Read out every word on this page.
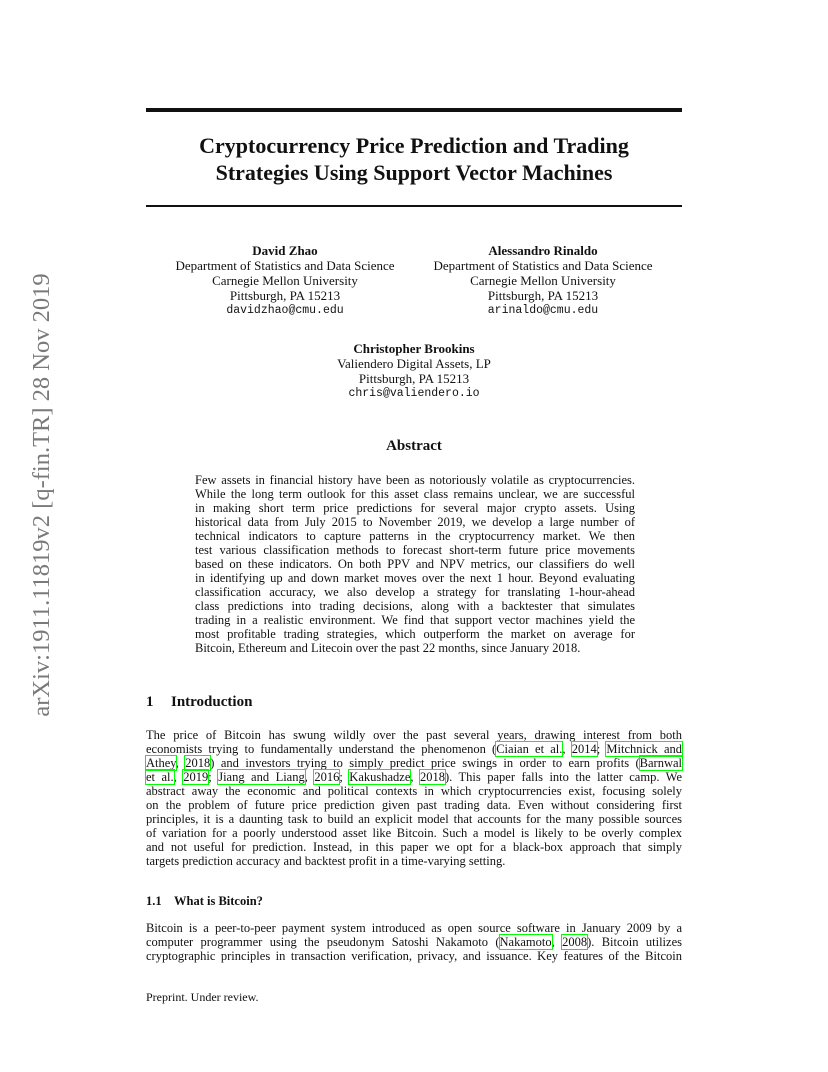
arXiv:1911.11819v2 [q-fin.TR] 28 Nov 2019
Cryptocurrency Price Prediction and Trading
Strategies Using Support Vector Machines
David Zhao
Department of Statistics and Data Science
Carnegie Mellon University
Pittsburgh, PA 15213
davidzhao@cmu.edu
Alessandro Rinaldo
Department of Statistics and Data Science
Carnegie Mellon University
Pittsburgh, PA 15213
arinaldo@cmu.edu
Christopher Brookins
Valiendero Digital Assets, LP
Pittsburgh, PA 15213
chris@valiendero.io
Abstract
Few assets in financial history have been as notoriously volatile as cryptocurrencies.
While the long term outlook for this asset class remains unclear, we are successful
in making short term price predictions for several major crypto assets. Using
historical data from July 2015 to November 2019, we develop a large number of
technical indicators to capture patterns in the cryptocurrency market. We then
test various classification methods to forecast short-term future price movements
based on these indicators. On both PPV and NPV metrics, our classifiers do well
in identifying up and down market moves over the next 1 hour. Beyond evaluating
classification accuracy, we also develop a strategy for translating 1-hour-ahead
class predictions into trading decisions, along with a backtester that simulates
trading in a realistic environment. We find that support vector machines yield the
most profitable trading strategies, which outperform the market on average for
Bitcoin, Ethereum and Litecoin over the past 22 months, since January 2018.
1 Introduction
The price of Bitcoin has swung wildly over the past several years, drawing interest from both
economists trying to fundamentally understand the phenomenon (Ciaian et al., 2014; Mitchnick and
Athey, 2018) and investors trying to simply predict price swings in order to earn profits (Barnwal
et al., 2019; Jiang and Liang, 2016; Kakushadze, 2018). This paper falls into the latter camp. We
abstract away the economic and political contexts in which cryptocurrencies exist, focusing solely
on the problem of future price prediction given past trading data. Even without considering first
principles, it is a daunting task to build an explicit model that accounts for the many possible sources
of variation for a poorly understood asset like Bitcoin. Such a model is likely to be overly complex
and not useful for prediction. Instead, in this paper we opt for a black-box approach that simply
targets prediction accuracy and backtest profit in a time-varying setting.
1.1 What is Bitcoin?
Bitcoin is a peer-to-peer payment system introduced as open source software in January 2009 by a
computer programmer using the pseudonym Satoshi Nakamoto (Nakamoto, 2008). Bitcoin utilizes
cryptographic principles in transaction verification, privacy, and issuance. Key features of the Bitcoin
Preprint. Under review.
